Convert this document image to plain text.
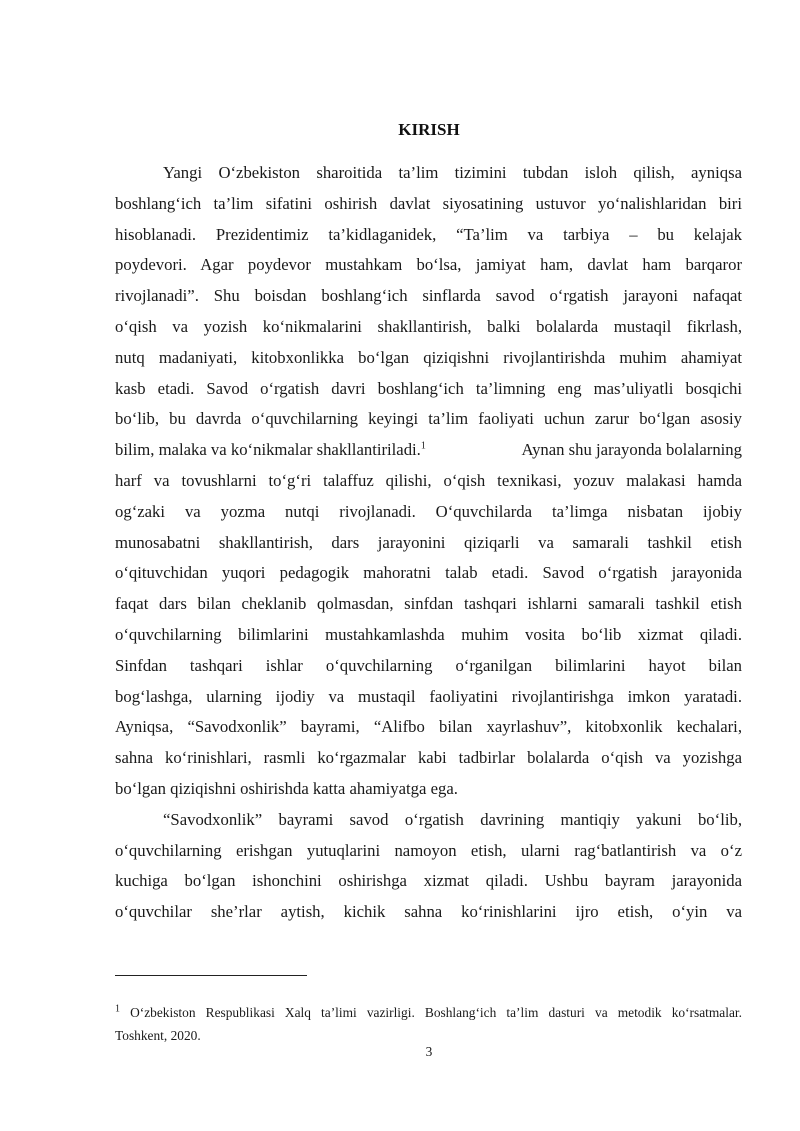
KIRISH
Yangi O‘zbekiston sharoitida ta’lim tizimini tubdan isloh qilish, ayniqsa
boshlang‘ich ta’lim sifatini oshirish davlat siyosatining ustuvor yo‘nalishlaridan biri
hisoblanadi. Prezidentimiz ta’kidlaganidek, “Ta’lim va tarbiya – bu kelajak
poydevori. Agar poydevor mustahkam bo‘lsa, jamiyat ham, davlat ham barqaror
rivojlanadi”. Shu boisdan boshlang‘ich sinflarda savod o‘rgatish jarayoni nafaqat
o‘qish va yozish ko‘nikmalarini shakllantirish, balki bolalarda mustaqil fikrlash,
nutq madaniyati, kitobxonlikka bo‘lgan qiziqishni rivojlantirishda muhim ahamiyat
kasb etadi. Savod o‘rgatish davri boshlang‘ich ta’limning eng mas’uliyatli bosqichi
bo‘lib, bu davrda o‘quvchilarning keyingi ta’lim faoliyati uchun zarur bo‘lgan asosiy
bilim, malaka va ko‘nikmalar shakllantiriladi.$^1$	Aynan shu jarayonda bolalarning
harf va tovushlarni to‘g‘ri talaffuz qilishi, o‘qish texnikasi, yozuv malakasi hamda
og‘zaki va yozma nutqi rivojlanadi. O‘quvchilarda ta’limga nisbatan ijobiy
munosabatni shakllantirish, dars jarayonini qiziqarli va samarali tashkil etish
o‘qituvchidan yuqori pedagogik mahoratni talab etadi. Savod o‘rgatish jarayonida
faqat dars bilan cheklanib qolmasdan, sinfdan tashqari ishlarni samarali tashkil etish
o‘quvchilarning bilimlarini mustahkamlashda muhim vosita bo‘lib xizmat qiladi.
Sinfdan tashqari ishlar o‘quvchilarning o‘rganilgan bilimlarini hayot bilan
bog‘lashga, ularning ijodiy va mustaqil faoliyatini rivojlantirishga imkon yaratadi.
Ayniqsa, “Savodxonlik” bayrami, “Alifbo bilan xayrlashuv”, kitobxonlik kechalari,
sahna ko‘rinishlari, rasmli ko‘rgazmalar kabi tadbirlar bolalarda o‘qish va yozishga
bo‘lgan qiziqishni oshirishda katta ahamiyatga ega.
“Savodxonlik” bayrami savod o‘rgatish davrining mantiqiy yakuni bo‘lib,
o‘quvchilarning erishgan yutuqlarini namoyon etish, ularni rag‘batlantirish va o‘z
kuchiga bo‘lgan ishonchini oshirishga xizmat qiladi. Ushbu bayram jarayonida
o‘quvchilar she’rlar aytish, kichik sahna ko‘rinishlarini ijro etish, o‘yin va
$^1$ O‘zbekiston Respublikasi Xalq ta’limi vazirligi. Boshlang‘ich ta’lim dasturi va metodik ko‘rsatmalar.
Toshkent, 2020.
3
